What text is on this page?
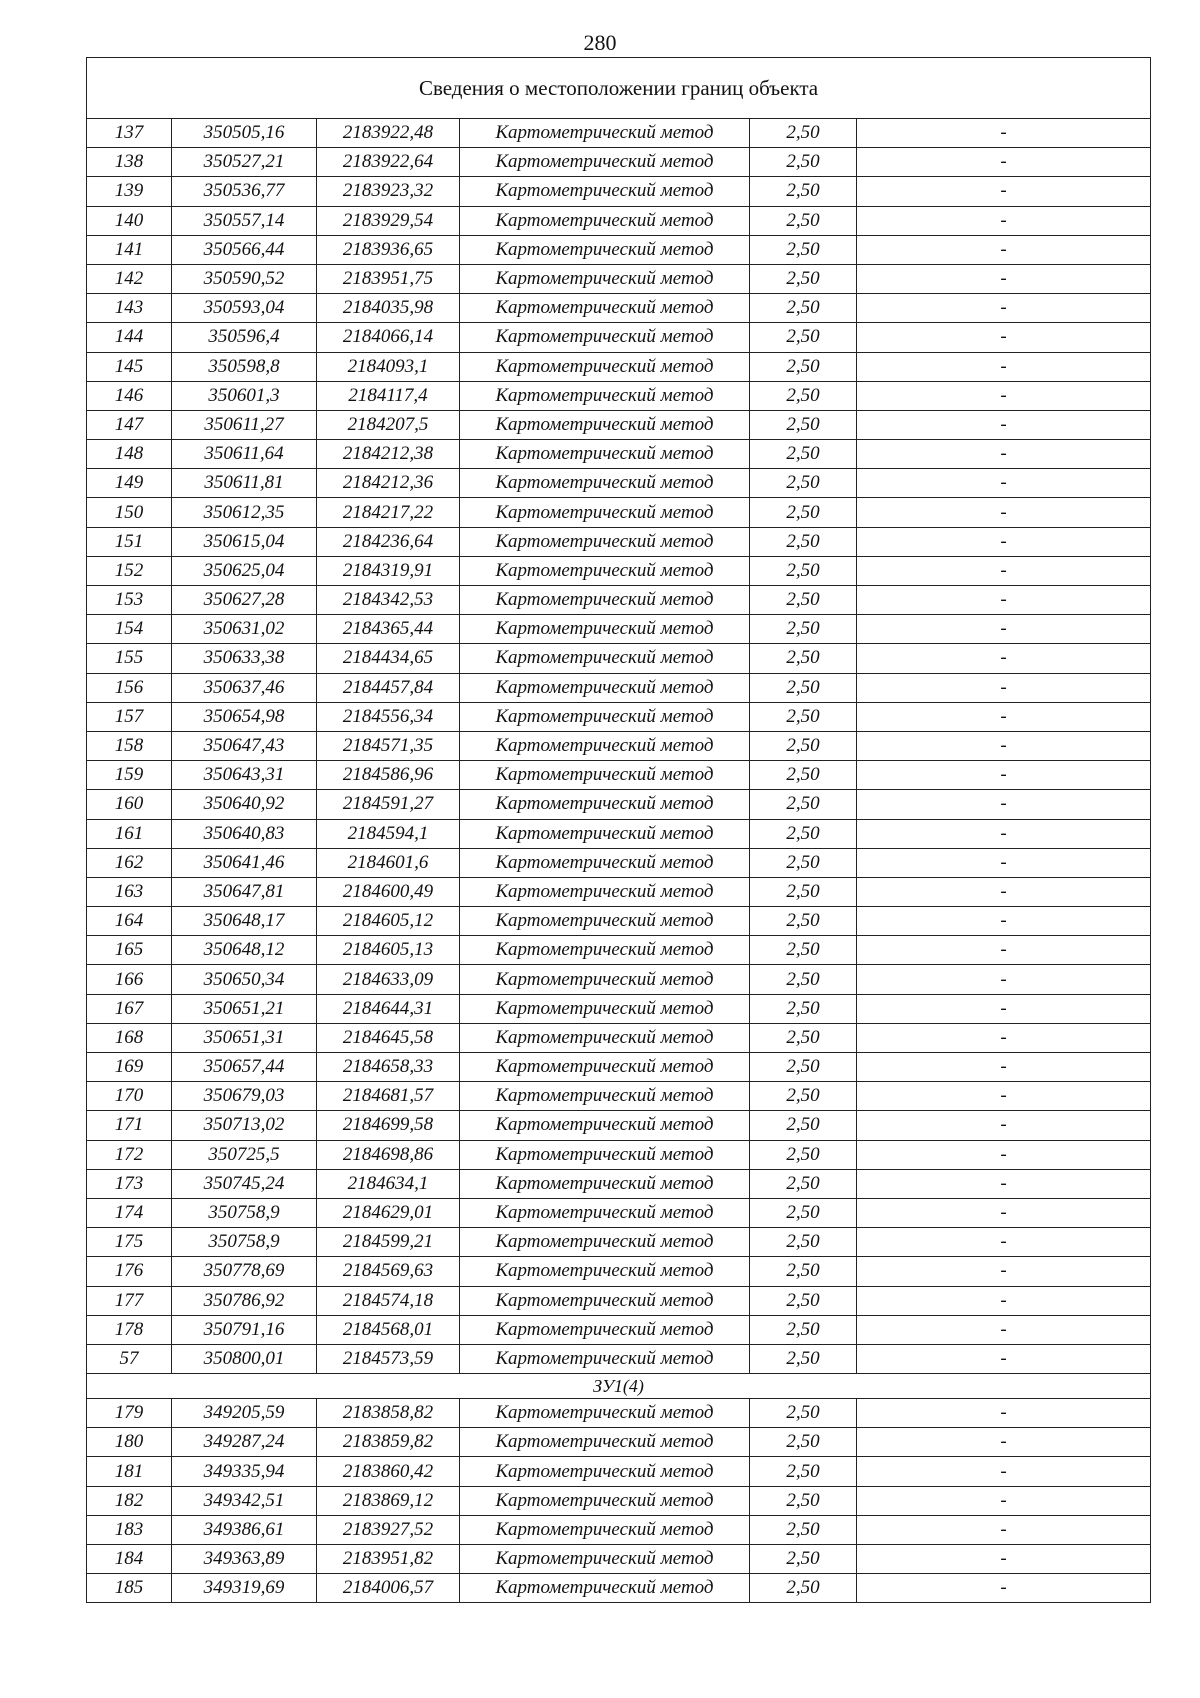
280
Сведения о местоположении границ объекта					
137	350505,16	2183922,48	Картометрический метод	2,50	-
138	350527,21	2183922,64	Картометрический метод	2,50	-
139	350536,77	2183923,32	Картометрический метод	2,50	-
140	350557,14	2183929,54	Картометрический метод	2,50	-
141	350566,44	2183936,65	Картометрический метод	2,50	-
142	350590,52	2183951,75	Картометрический метод	2,50	-
143	350593,04	2184035,98	Картометрический метод	2,50	-
144	350596,4	2184066,14	Картометрический метод	2,50	-
145	350598,8	2184093,1	Картометрический метод	2,50	-
146	350601,3	2184117,4	Картометрический метод	2,50	-
147	350611,27	2184207,5	Картометрический метод	2,50	-
148	350611,64	2184212,38	Картометрический метод	2,50	-
149	350611,81	2184212,36	Картометрический метод	2,50	-
150	350612,35	2184217,22	Картометрический метод	2,50	-
151	350615,04	2184236,64	Картометрический метод	2,50	-
152	350625,04	2184319,91	Картометрический метод	2,50	-
153	350627,28	2184342,53	Картометрический метод	2,50	-
154	350631,02	2184365,44	Картометрический метод	2,50	-
155	350633,38	2184434,65	Картометрический метод	2,50	-
156	350637,46	2184457,84	Картометрический метод	2,50	-
157	350654,98	2184556,34	Картометрический метод	2,50	-
158	350647,43	2184571,35	Картометрический метод	2,50	-
159	350643,31	2184586,96	Картометрический метод	2,50	-
160	350640,92	2184591,27	Картометрический метод	2,50	-
161	350640,83	2184594,1	Картометрический метод	2,50	-
162	350641,46	2184601,6	Картометрический метод	2,50	-
163	350647,81	2184600,49	Картометрический метод	2,50	-
164	350648,17	2184605,12	Картометрический метод	2,50	-
165	350648,12	2184605,13	Картометрический метод	2,50	-
166	350650,34	2184633,09	Картометрический метод	2,50	-
167	350651,21	2184644,31	Картометрический метод	2,50	-
168	350651,31	2184645,58	Картометрический метод	2,50	-
169	350657,44	2184658,33	Картометрический метод	2,50	-
170	350679,03	2184681,57	Картометрический метод	2,50	-
171	350713,02	2184699,58	Картометрический метод	2,50	-
172	350725,5	2184698,86	Картометрический метод	2,50	-
173	350745,24	2184634,1	Картометрический метод	2,50	-
174	350758,9	2184629,01	Картометрический метод	2,50	-
175	350758,9	2184599,21	Картометрический метод	2,50	-
176	350778,69	2184569,63	Картометрический метод	2,50	-
177	350786,92	2184574,18	Картометрический метод	2,50	-
178	350791,16	2184568,01	Картометрический метод	2,50	-
57	350800,01	2184573,59	Картометрический метод	2,50	-
ЗУ1(4)					
179	349205,59	2183858,82	Картометрический метод	2,50	-
180	349287,24	2183859,82	Картометрический метод	2,50	-
181	349335,94	2183860,42	Картометрический метод	2,50	-
182	349342,51	2183869,12	Картометрический метод	2,50	-
183	349386,61	2183927,52	Картометрический метод	2,50	-
184	349363,89	2183951,82	Картометрический метод	2,50	-
185	349319,69	2184006,57	Картометрический метод	2,50	-
